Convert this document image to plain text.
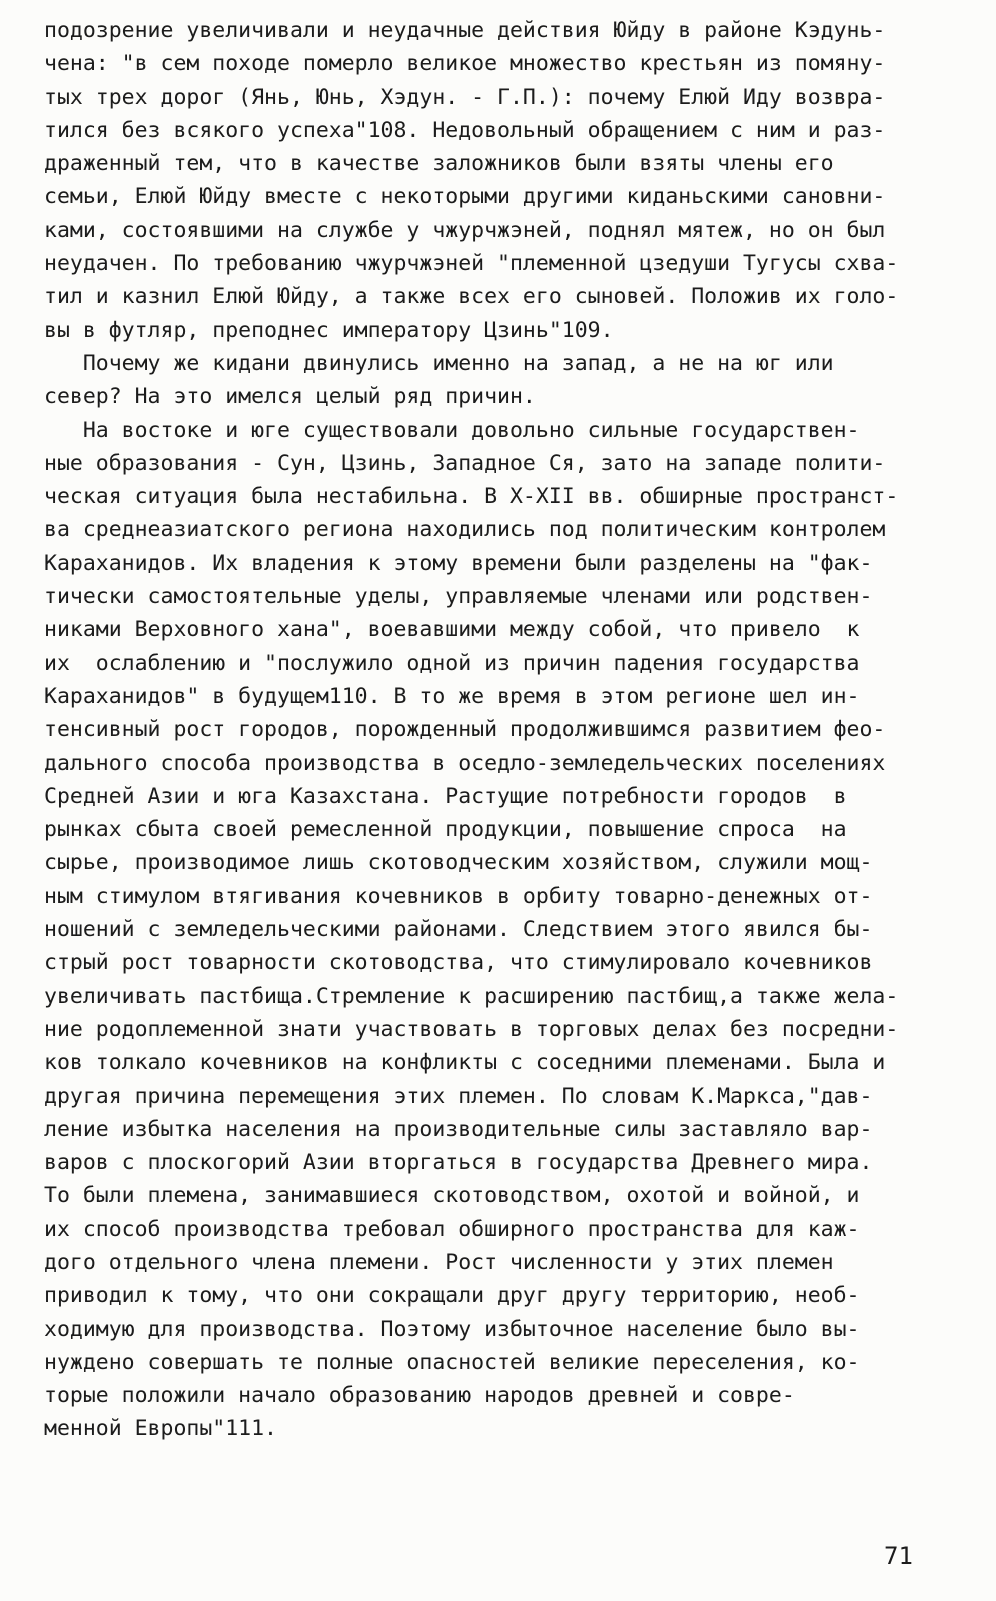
подозрение увеличивали и неудачные действия Юйду в районе Кэдунь-
чена: "в сем походе померло великое множество крестьян из помяну-
тых трех дорог (Янь, Юнь, Хэдун. - Г.П.): почему Елюй Иду возвра-
тился без всякого успеха"108. Недовольный обращением с ним и раз-
драженный тем, что в качестве заложников были взяты члены его
семьи, Елюй Юйду вместе с некоторыми другими киданьскими сановни-
ками, состоявшими на службе у чжурчжэней, поднял мятеж, но он был
неудачен. По требованию чжурчжэней "племенной цзедуши Тугусы схва-
тил и казнил Елюй Юйду, а также всех его сыновей. Положив их голо-
вы в футляр, преподнес императору Цзинь"109.
Почему же кидани двинулись именно на запад, а не на юг или
север? На это имелся целый ряд причин.
На востоке и юге существовали довольно сильные государствен-
ные образования - Сун, Цзинь, Западное Ся, зато на западе полити-
ческая ситуация была нестабильна. В Х-ХII вв. обширные пространст-
ва среднеазиатского региона находились под политическим контролем
Караханидов. Их владения к этому времени были разделены на "фак-
тически самостоятельные уделы, управляемые членами или родствен-
никами Верховного хана", воевавшими между собой, что привело  к
их  ослаблению и "послужило одной из причин падения государства
Караханидов" в будущем110. В то же время в этом регионе шел ин-
тенсивный рост городов, порожденный продолжившимся развитием фео-
дального способа производства в оседло-земледельческих поселениях
Средней Азии и юга Казахстана. Растущие потребности городов  в
рынках сбыта своей ремесленной продукции, повышение спроса  на
сырье, производимое лишь скотоводческим хозяйством, служили мощ-
ным стимулом втягивания кочевников в орбиту товарно-денежных от-
ношений с земледельческими районами. Следствием этого явился бы-
стрый рост товарности скотоводства, что стимулировало кочевников
увеличивать пастбища.Стремление к расширению пастбищ,а также жела-
ние родоплеменной знати участвовать в торговых делах без посредни-
ков толкало кочевников на конфликты с соседними племенами. Была и
другая причина перемещения этих племен. По словам К.Маркса,"дав-
ление избытка населения на производительные силы заставляло вар-
варов с плоскогорий Азии вторгаться в государства Древнего мира.
То были племена, занимавшиеся скотоводством, охотой и войной, и
их способ производства требовал обширного пространства для каж-
дого отдельного члена племени. Рост численности у этих племен
приводил к тому, что они сокращали друг другу территорию, необ-
ходимую для производства. Поэтому избыточное население было вы-
нуждено совершать те полные опасностей великие переселения, ко-
торые положили начало образованию народов древней и совре-
менной Европы"111.
71
